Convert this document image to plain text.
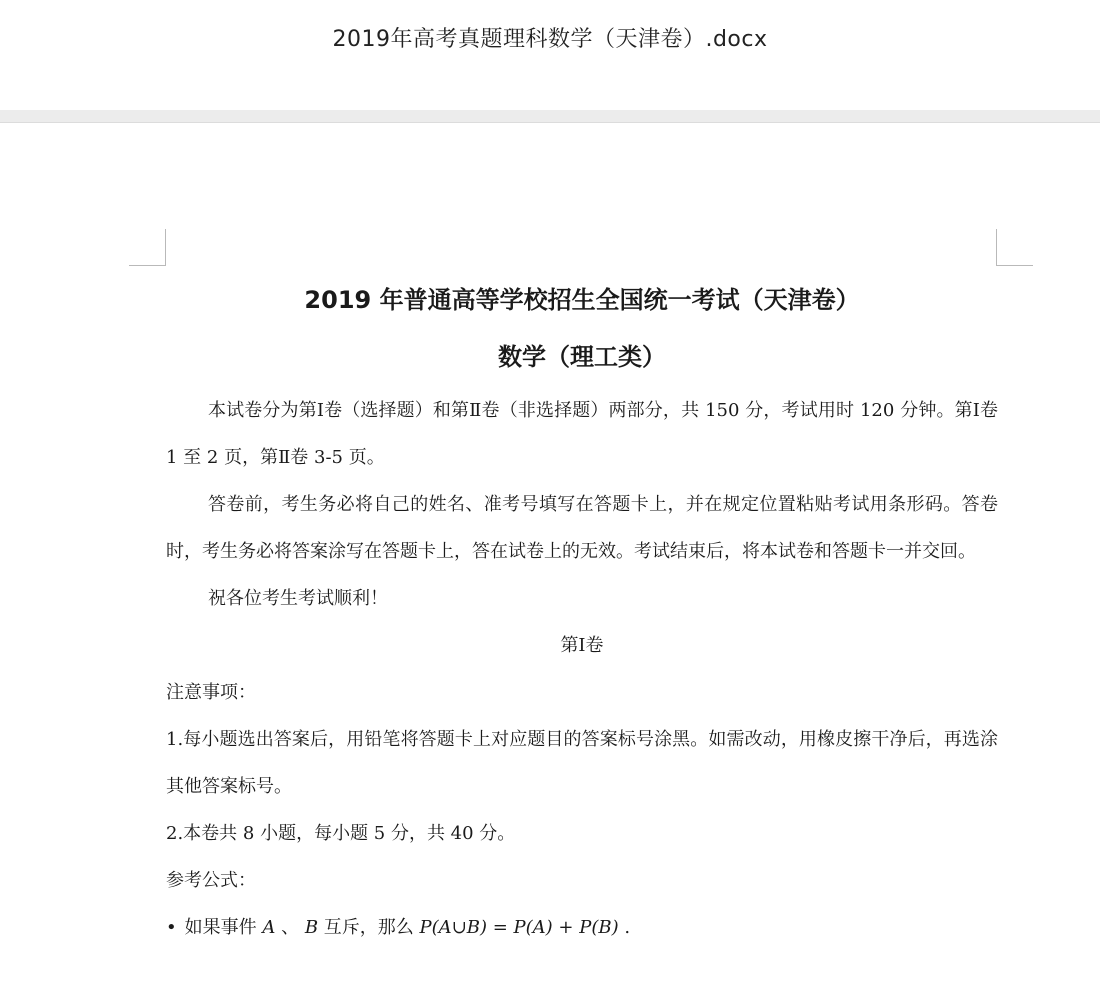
2019年高考真题理科数学（天津卷）.docx
2019 年普通高等学校招生全国统一考试（天津卷）
数学（理工类）

本试卷分为第Ⅰ卷（选择题）和第Ⅱ卷（非选择题）两部分，共 150 分，考试用时 120 分钟。第Ⅰ卷 1 至 2 页，第Ⅱ卷 3-5 页。

答卷前，考生务必将自己的姓名、准考号填写在答题卡上，并在规定位置粘贴考试用条形码。答卷时，考生务必将答案涂写在答题卡上，答在试卷上的无效。考试结束后，将本试卷和答题卡一并交回。

祝各位考生考试顺利！

第Ⅰ卷

注意事项：

1.每小题选出答案后，用铅笔将答题卡上对应题目的答案标号涂黑。如需改动，用橡皮擦干净后，再选涂其他答案标号。

2.本卷共 8 小题，每小题 5 分，共 40 分。

参考公式：

• 如果事件 A 、 B 互斥，那么 P(A∪B) = P(A) + P(B) .
